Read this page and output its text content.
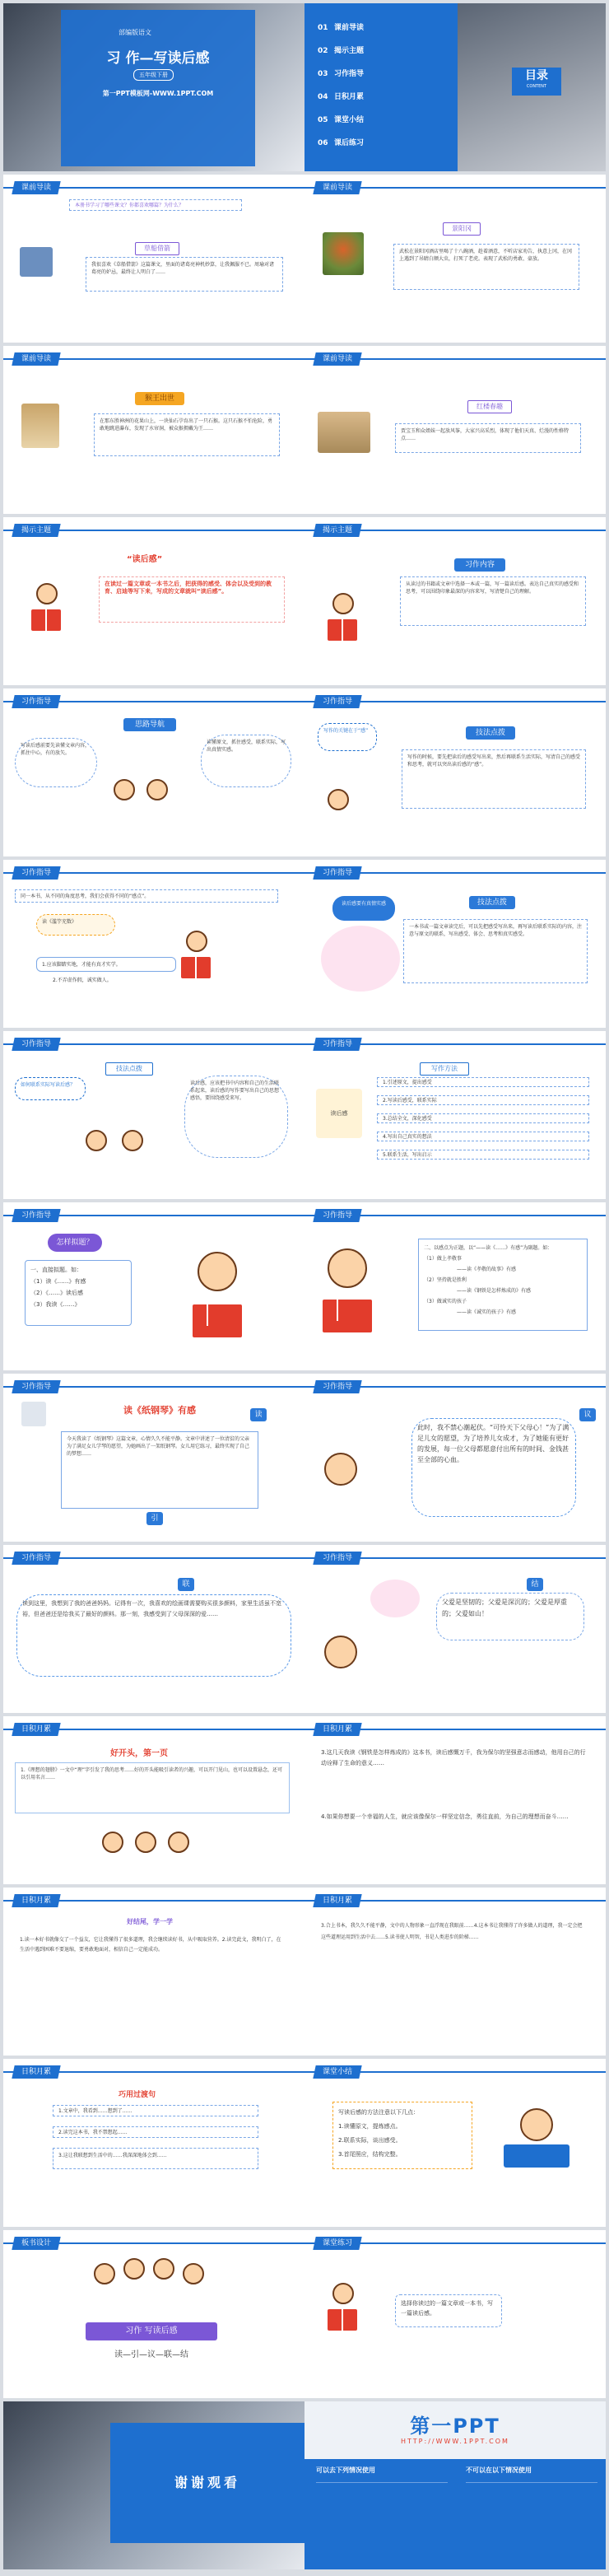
部编版语文
习 作—写读后感
五年级下册
第一PPT模板网-WWW.1PPT.COM
目录
CONTENT
01 课前导读
02 揭示主题
03 习作指导
04 日积月累
05 课堂小结
06 课后练习
课前导读
本册书学习了哪些课文？你都喜欢哪篇？为什么？
草船借箭
我很喜欢《草船借箭》这篇课文，里面的诸葛亮神机妙算，让我佩服不已。周瑜对诸葛亮的妒忌，最终让人明白了……
课前导读
景阳冈
武松在景阳冈酒店里喝了十八碗酒，趁着酒意，不听店家劝告，执意上冈，在冈上遇到了吊睛白额大虫，打死了老虎。表现了武松的勇敢、豪放。
课前导读
猴王出世
在那东胜神洲的花果山上，一块仙石孕育出了一只石猴。这只石猴不怕危险，勇敢地跳进瀑布，发现了水帘洞，被众猴拥戴为王……
课前导读
红楼春趣
贾宝玉和众姐妹一起放风筝，大家兴高采烈，体现了他们天真、烂漫的性格特点……
揭示主题
“读后感”
在读过一篇文章或一本书之后，把获得的感受、体会以及受到的教育、启迪等写下来，写成的文章就叫“读后感”。
揭示主题
习作内容
从读过的书籍或文章中选择一本或一篇，写一篇读后感。表达自己真实的感受和思考，可以围绕印象最深的内容来写，写清楚自己的理解。
习作指导
思路导航
写读后感前要先读懂文章内容，抓住中心，有的放矢。
读懂原文，抓住感受，联系实际，写出真情实感。
习作指导
技法点拨
写作的关键在于“感”
写作的时候，要先把读后的感受写出来，然后再联系生活实际，写清自己的感受和思考，就可以突出读后感的“感”。
习作指导
同一本书，从不同的角度思考，我们会获得不同的“感点”。
读《滥竽充数》
1.应该脚踏实地，才能有真才实学。
2.不弄虚作假，诚实做人。
习作指导
技法点拨
读后感要有真情实感
一本书或一篇文章读完后，可以先把感受写出来，再写读后联系实际的内容，注意与原文的联系，写出感受、体会、思考和真实感受。
习作指导
技法点拨
如何联系实际写读后感？	读后感，应该把书中内容和自己的生活联系起来，读后感的写作要写出自己的思想感悟，要围绕感受来写。
习作指导
写作方法
读后感
1.引述原文，提出感受
2.写读后感受，联系实际
3.总结全文，深化感受
4.写出自己真实的想法
5.联系生活，写出启示
习作指导
怎样拟题？
一、直接拟题。如：
（1）读《……》有感
（2）《……》读后感
（3）我读《……》
习作指导
二、以感点为正题，以“——读《……》有感”为副题。如：
（1）做上孝敬事
——读《孝敬的故事》有感
（2）坚持就是胜利
——读《钢铁是怎样炼成的》有感
（3）做诚实的孩子
——读《诚实的孩子》有感
习作指导
读《纸钢琴》有感	读
今天我读了《纸钢琴》这篇文章，心情久久不能平静。文章中讲述了一位清贫的父亲为了满足女儿学琴的愿望，为她画出了一架纸钢琴。女儿用它练习，最终实现了自己的梦想……
引
习作指导
议
此时，我不禁心潮起伏。“可怜天下父母心！”为了满足儿女的愿望，为了培养儿女成才，为了她能有更好的发展，每一位父母都愿意付出所有的时间、金钱甚至全部的心血。
习作指导
联
读到这里，我想到了我的爸爸妈妈。记得有一次，我喜欢的绘画课需要购买很多颜料，家里生活虽不宽裕，但爸爸还是给我买了最好的颜料。那一刻，我感受到了父母深深的爱……
习作指导
结
父爱是坚韧的；父爱是深沉的；父爱是厚重的；父爱如山！
日积月累
好开头，第一页
1.《理想的翅膀》一文中“理”字引发了我的思考……好的开头能吸引读者的兴趣，可以开门见山，也可以设置悬念，还可以引用名言……
日积月累
3.这几天我读《钢铁是怎样炼成的》这本书，读后感慨万千，我为保尔的坚强意志而感动，他用自己的行动诠释了生命的意义……
4.如果你想要一个幸福的人生，就应该像保尔一样坚定信念，勇往直前，为自己的理想而奋斗……
日积月累
好结尾，学一学
1.读一本好书就像交了一个益友，它让我懂得了很多道理，我会继续读好书，从中吸取营养。2.读完此文，我明白了，在生活中遇到困难不要退缩，要勇敢地面对，相信自己一定能成功。
日积月累
3.合上书本，我久久不能平静，文中的人物形象一直浮现在我眼前……4.这本书让我懂得了许多做人的道理，我一定会把这些道理运用到生活中去……5.读书使人明智，书是人类进步的阶梯……
日积月累
巧用过渡句
1.文章中，我看到……想到了……
2.读完这本书，我不禁想起……
3.这让我联想到生活中的……我深深地体会到……
课堂小结
写读后感的方法注意以下几点：
1.读懂原文，提炼感点。
2.联系实际，谈出感受。
3.首尾照应，结构完整。
板书设计
习作 写读后感
读—引—议—联—结
课堂练习
选择你读过的一篇文章或一本书，写一篇读后感。
谢谢观看
第一PPT
HTTP://WWW.1PPT.COM
可以去下列情况使用	不可以在以下情况使用
